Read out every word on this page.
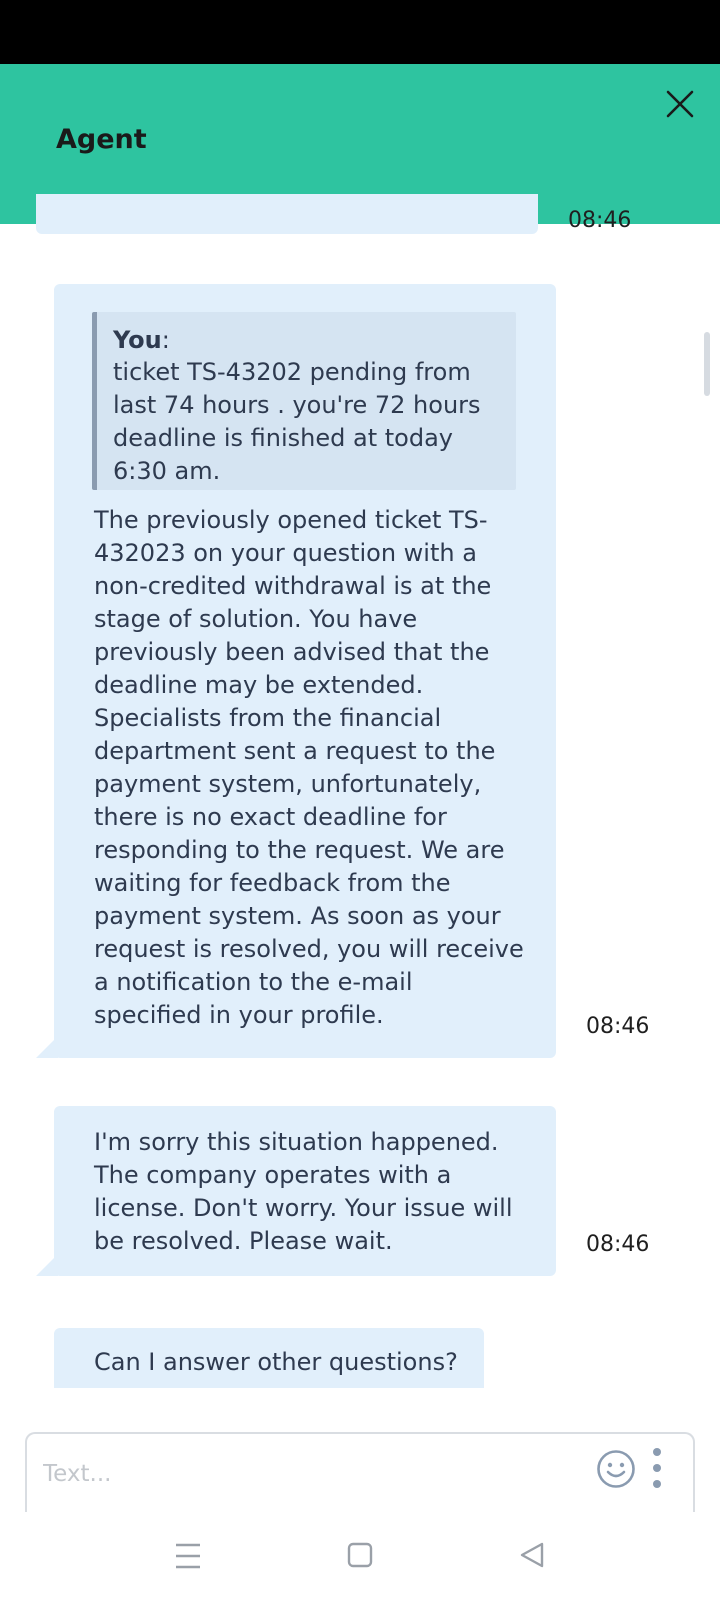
Agent
08:46
You:
ticket TS-43202 pending from last 74 hours . you're 72 hours deadline is finished at today 6:30 am.
The previously opened ticket TS-432023 on your question with a non-credited withdrawal is at the stage of solution. You have previously been advised that the deadline may be extended. Specialists from the financial department sent a request to the payment system, unfortunately, there is no exact deadline for responding to the request. We are waiting for feedback from the payment system. As soon as your request is resolved, you will receive a notification to the e-mail specified in your profile.	08:46
I'm sorry this situation happened. The company operates with a license. Don't worry. Your issue will be resolved. Please wait.	08:46
Can I answer other questions?
Text...
